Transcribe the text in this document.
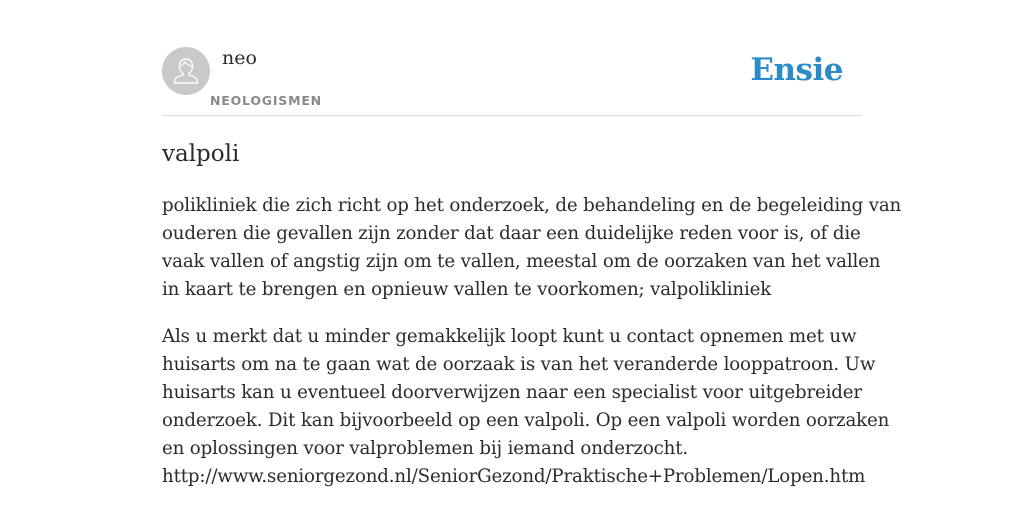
neo
NEOLOGISMEN
Ensie
valpoli

polikliniek die zich richt op het onderzoek, de behandeling en de begeleiding van
ouderen die gevallen zijn zonder dat daar een duidelijke reden voor is, of die
vaak vallen of angstig zijn om te vallen, meestal om de oorzaken van het vallen
in kaart te brengen en opnieuw vallen te voorkomen; valpolikliniek

Als u merkt dat u minder gemakkelijk loopt kunt u contact opnemen met uw
huisarts om na te gaan wat de oorzaak is van het veranderde looppatroon. Uw
huisarts kan u eventueel doorverwijzen naar een specialist voor uitgebreider
onderzoek. Dit kan bijvoorbeeld op een valpoli. Op een valpoli worden oorzaken
en oplossingen voor valproblemen bij iemand onderzocht.
http://www.seniorgezond.nl/SeniorGezond/Praktische+Problemen/Lopen.htm
